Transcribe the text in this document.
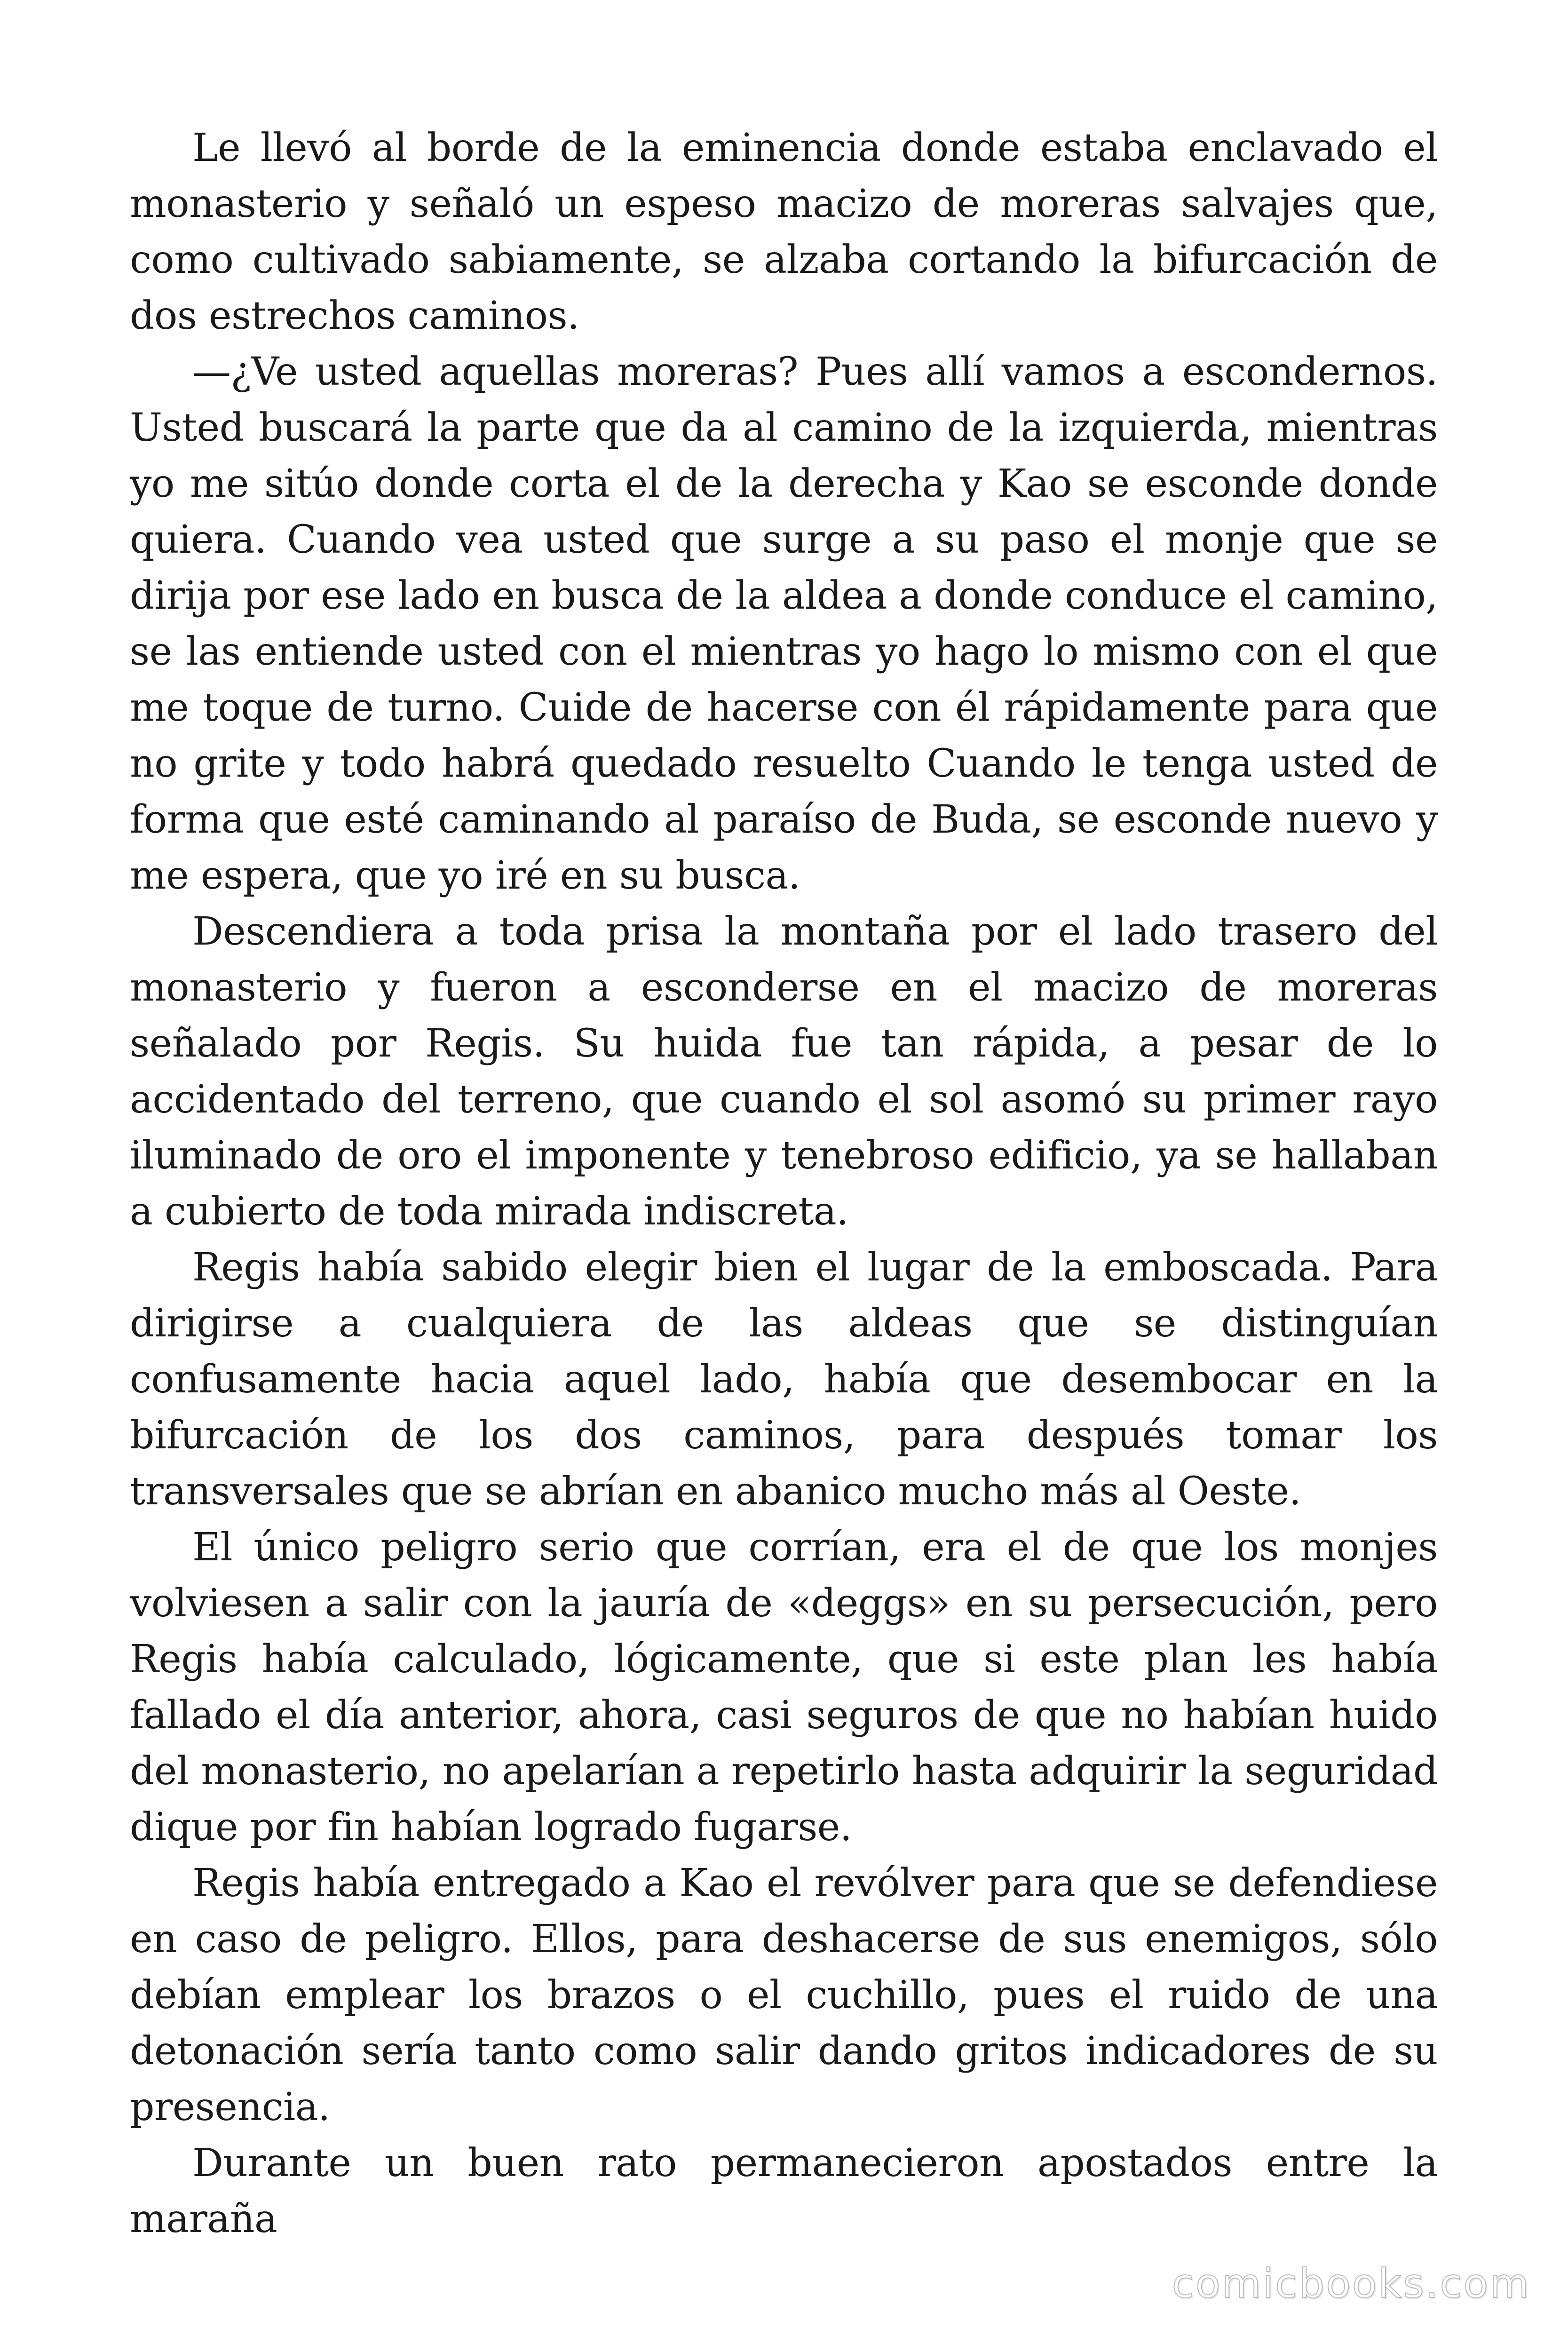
Le llevó al borde de la eminencia donde estaba enclavado el monasterio y señaló un espeso macizo de moreras salvajes que, como cultivado sabiamente, se alzaba cortando la bifurcación de dos estrechos caminos.

—¿Ve usted aquellas moreras? Pues allí vamos a escondernos. Usted buscará la parte que da al camino de la izquierda, mientras yo me sitúo donde corta el de la derecha y Kao se esconde donde quiera. Cuando vea usted que surge a su paso el monje que se dirija por ese lado en busca de la aldea a donde conduce el camino, se las entiende usted con el mientras yo hago lo mismo con el que me toque de turno. Cuide de hacerse con él rápidamente para que no grite y todo habrá quedado resuelto Cuando le tenga usted de forma que esté caminando al paraíso de Buda, se esconde nuevo y me espera, que yo iré en su busca.

Descendiera a toda prisa la montaña por el lado trasero del monasterio y fueron a esconderse en el macizo de moreras señalado por Regis. Su huida fue tan rápida, a pesar de lo accidentado del terreno, que cuando el sol asomó su primer rayo iluminado de oro el imponente y tenebroso edificio, ya se hallaban a cubierto de toda mirada indiscreta.

Regis había sabido elegir bien el lugar de la emboscada. Para dirigirse a cualquiera de las aldeas que se distinguían confusamente hacia aquel lado, había que desembocar en la bifurcación de los dos caminos, para después tomar los transversales que se abrían en abanico mucho más al Oeste.

El único peligro serio que corrían, era el de que los monjes volviesen a salir con la jauría de «deggs» en su persecución, pero Regis había calculado, lógicamente, que si este plan les había fallado el día anterior, ahora, casi seguros de que no habían huido del monasterio, no apelarían a repetirlo hasta adquirir la seguridad dique por fin habían logrado fugarse.

Regis había entregado a Kao el revólver para que se defendiese en caso de peligro. Ellos, para deshacerse de sus enemigos, sólo debían emplear los brazos o el cuchillo, pues el ruido de una detonación sería tanto como salir dando gritos indicadores de su presencia.

Durante un buen rato permanecieron apostados entre la maraña

comicbooks.com
